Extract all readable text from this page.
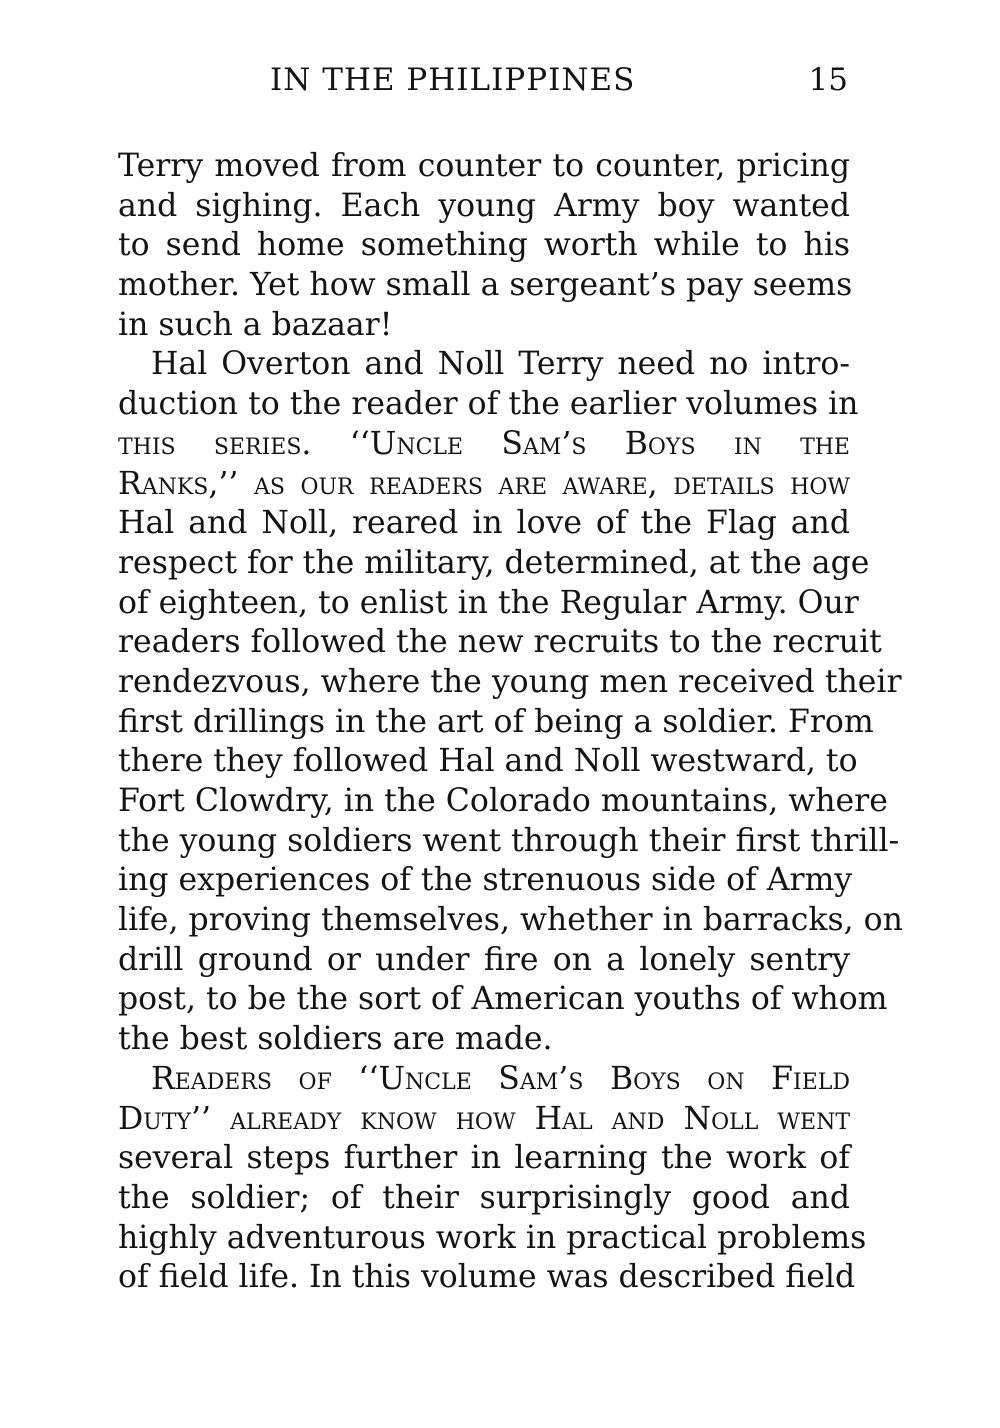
IN THE PHILIPPINES	15
Terry moved from counter to counter, pricing
and sighing. Each young Army boy wanted
to send home something worth while to his
mother. Yet how small a sergeant’s pay seems
in such a bazaar!
Hal Overton and Noll Terry need no intro-
duction to the reader of the earlier volumes in
this series. ‘‘Uncle Sam’s Boys in the
Ranks,’’ as our readers are aware, details how
Hal and Noll, reared in love of the Flag and
respect for the military, determined, at the age
of eighteen, to enlist in the Regular Army. Our
readers followed the new recruits to the recruit
rendezvous, where the young men received their
first drillings in the art of being a soldier. From
there they followed Hal and Noll westward, to
Fort Clowdry, in the Colorado mountains, where
the young soldiers went through their first thrill-
ing experiences of the strenuous side of Army
life, proving themselves, whether in barracks, on
drill ground or under fire on a lonely sentry
post, to be the sort of American youths of whom
the best soldiers are made.
Readers of ‘‘Uncle Sam’s Boys on Field
Duty’’ already know how Hal and Noll went
several steps further in learning the work of
the soldier; of their surprisingly good and
highly adventurous work in practical problems
of field life. In this volume was described field
